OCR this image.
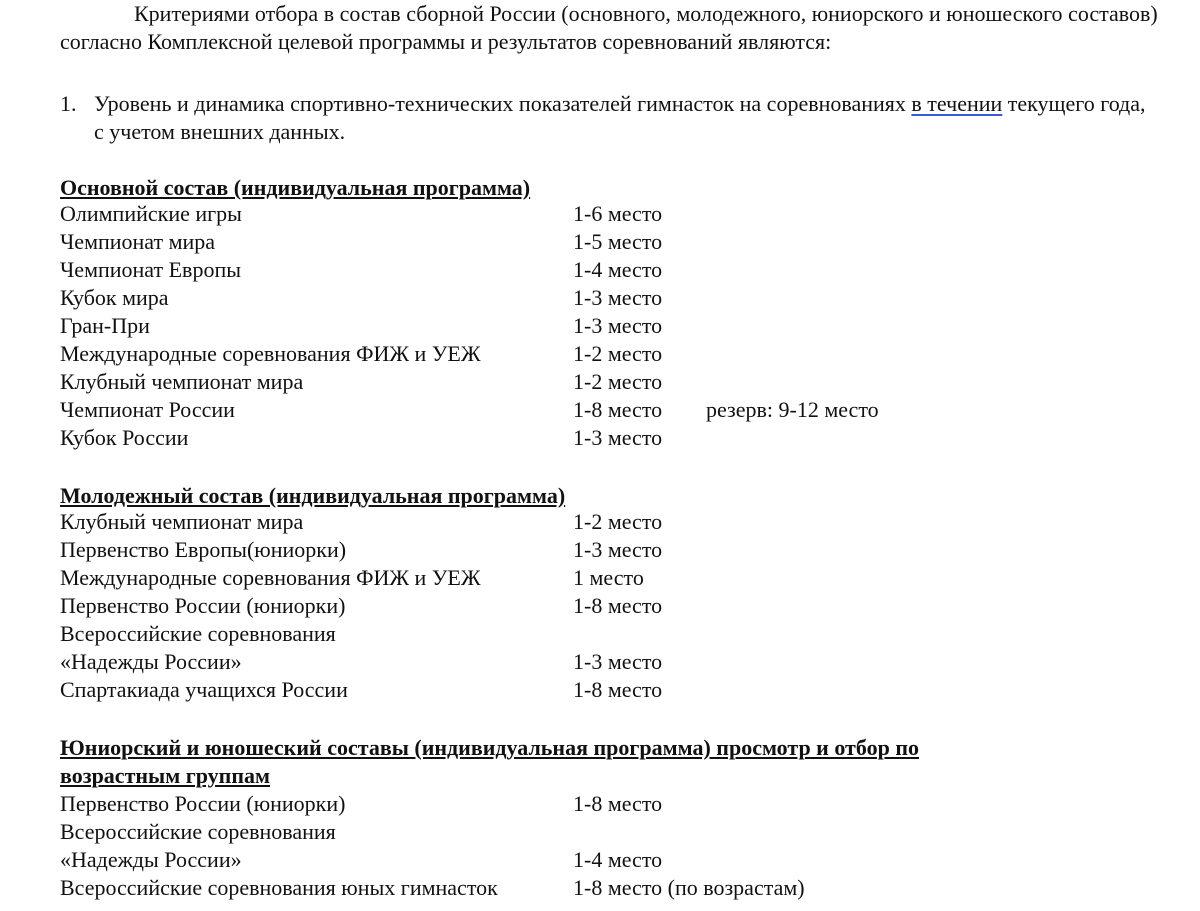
Критериями отбора в состав сборной России (основного, молодежного, юниорского и юношеского составов) согласно Комплексной целевой программы и результатов соревнований являются:

1. Уровень и динамика спортивно-технических показателей гимнасток на соревнованиях в течении текущего года, с учетом внешних данных.
Основной состав (индивидуальная программа)
Олимпийские игры	1-6 место
Чемпионат мира	1-5 место
Чемпионат Европы	1-4 место
Кубок мира	1-3 место
Гран-При	1-3 место
Международные соревнования ФИЖ и УЕЖ	1-2 место
Клубный чемпионат мира	1-2 место
Чемпионат России	1-8 место резерв: 9-12 место
Кубок России	1-3 место
Молодежный состав (индивидуальная программа)
Клубный чемпионат мира	1-2 место
Первенство Европы(юниорки)	1-3 место
Международные соревнования ФИЖ и УЕЖ	1 место
Первенство России (юниорки)	1-8 место
Всероссийские соревнования
«Надежды России»	1-3 место
Спартакиада учащихся России	1-8 место
Юниорский и юношеский составы (индивидуальная программа) просмотр и отбор по возрастным группам
Первенство России (юниорки)	1-8 место
Всероссийские соревнования
«Надежды России»	1-4 место
Всероссийские соревнования юных гимнасток	1-8 место (по возрастам)
